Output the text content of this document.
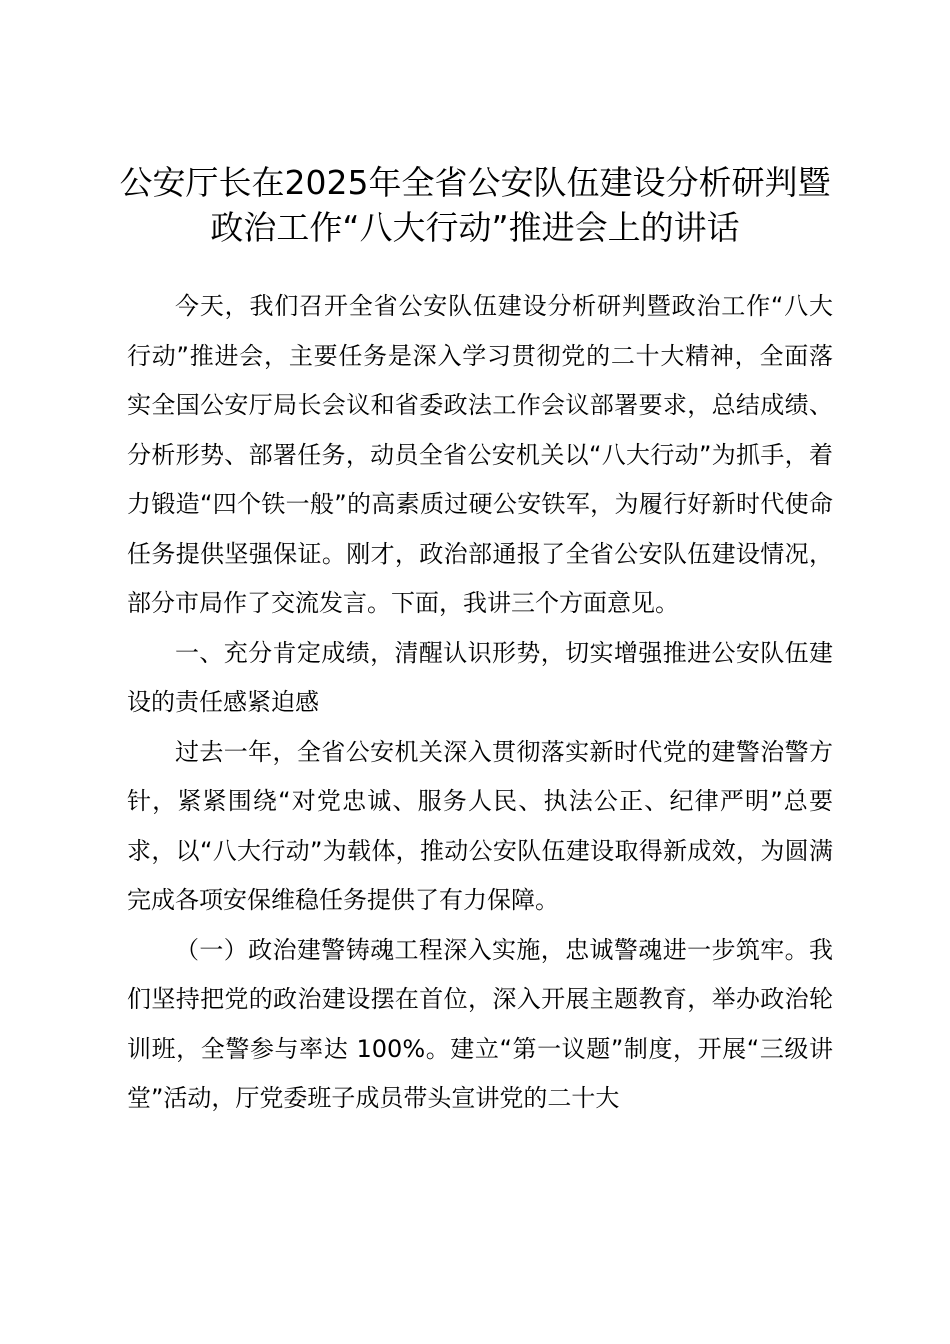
公安厅长在2025年全省公安队伍建设分析研判暨政治工作“八大行动”推进会上的讲话

今天，我们召开全省公安队伍建设分析研判暨政治工作“八大行动”推进会，主要任务是深入学习贯彻党的二十大精神，全面落实全国公安厅局长会议和省委政法工作会议部署要求，总结成绩、分析形势、部署任务，动员全省公安机关以“八大行动”为抓手，着力锻造“四个铁一般”的高素质过硬公安铁军，为履行好新时代使命任务提供坚强保证。刚才，政治部通报了全省公安队伍建设情况，部分市局作了交流发言。下面，我讲三个方面意见。

一、充分肯定成绩，清醒认识形势，切实增强推进公安队伍建设的责任感紧迫感

过去一年，全省公安机关深入贯彻落实新时代党的建警治警方针，紧紧围绕“对党忠诚、服务人民、执法公正、纪律严明”总要求，以“八大行动”为载体，推动公安队伍建设取得新成效，为圆满完成各项安保维稳任务提供了有力保障。

（一）政治建警铸魂工程深入实施，忠诚警魂进一步筑牢。我们坚持把党的政治建设摆在首位，深入开展主题教育，举办政治轮训班，全警参与率达 100%。建立“第一议题”制度，开展“三级讲堂”活动，厅党委班子成员带头宣讲党的二十大
